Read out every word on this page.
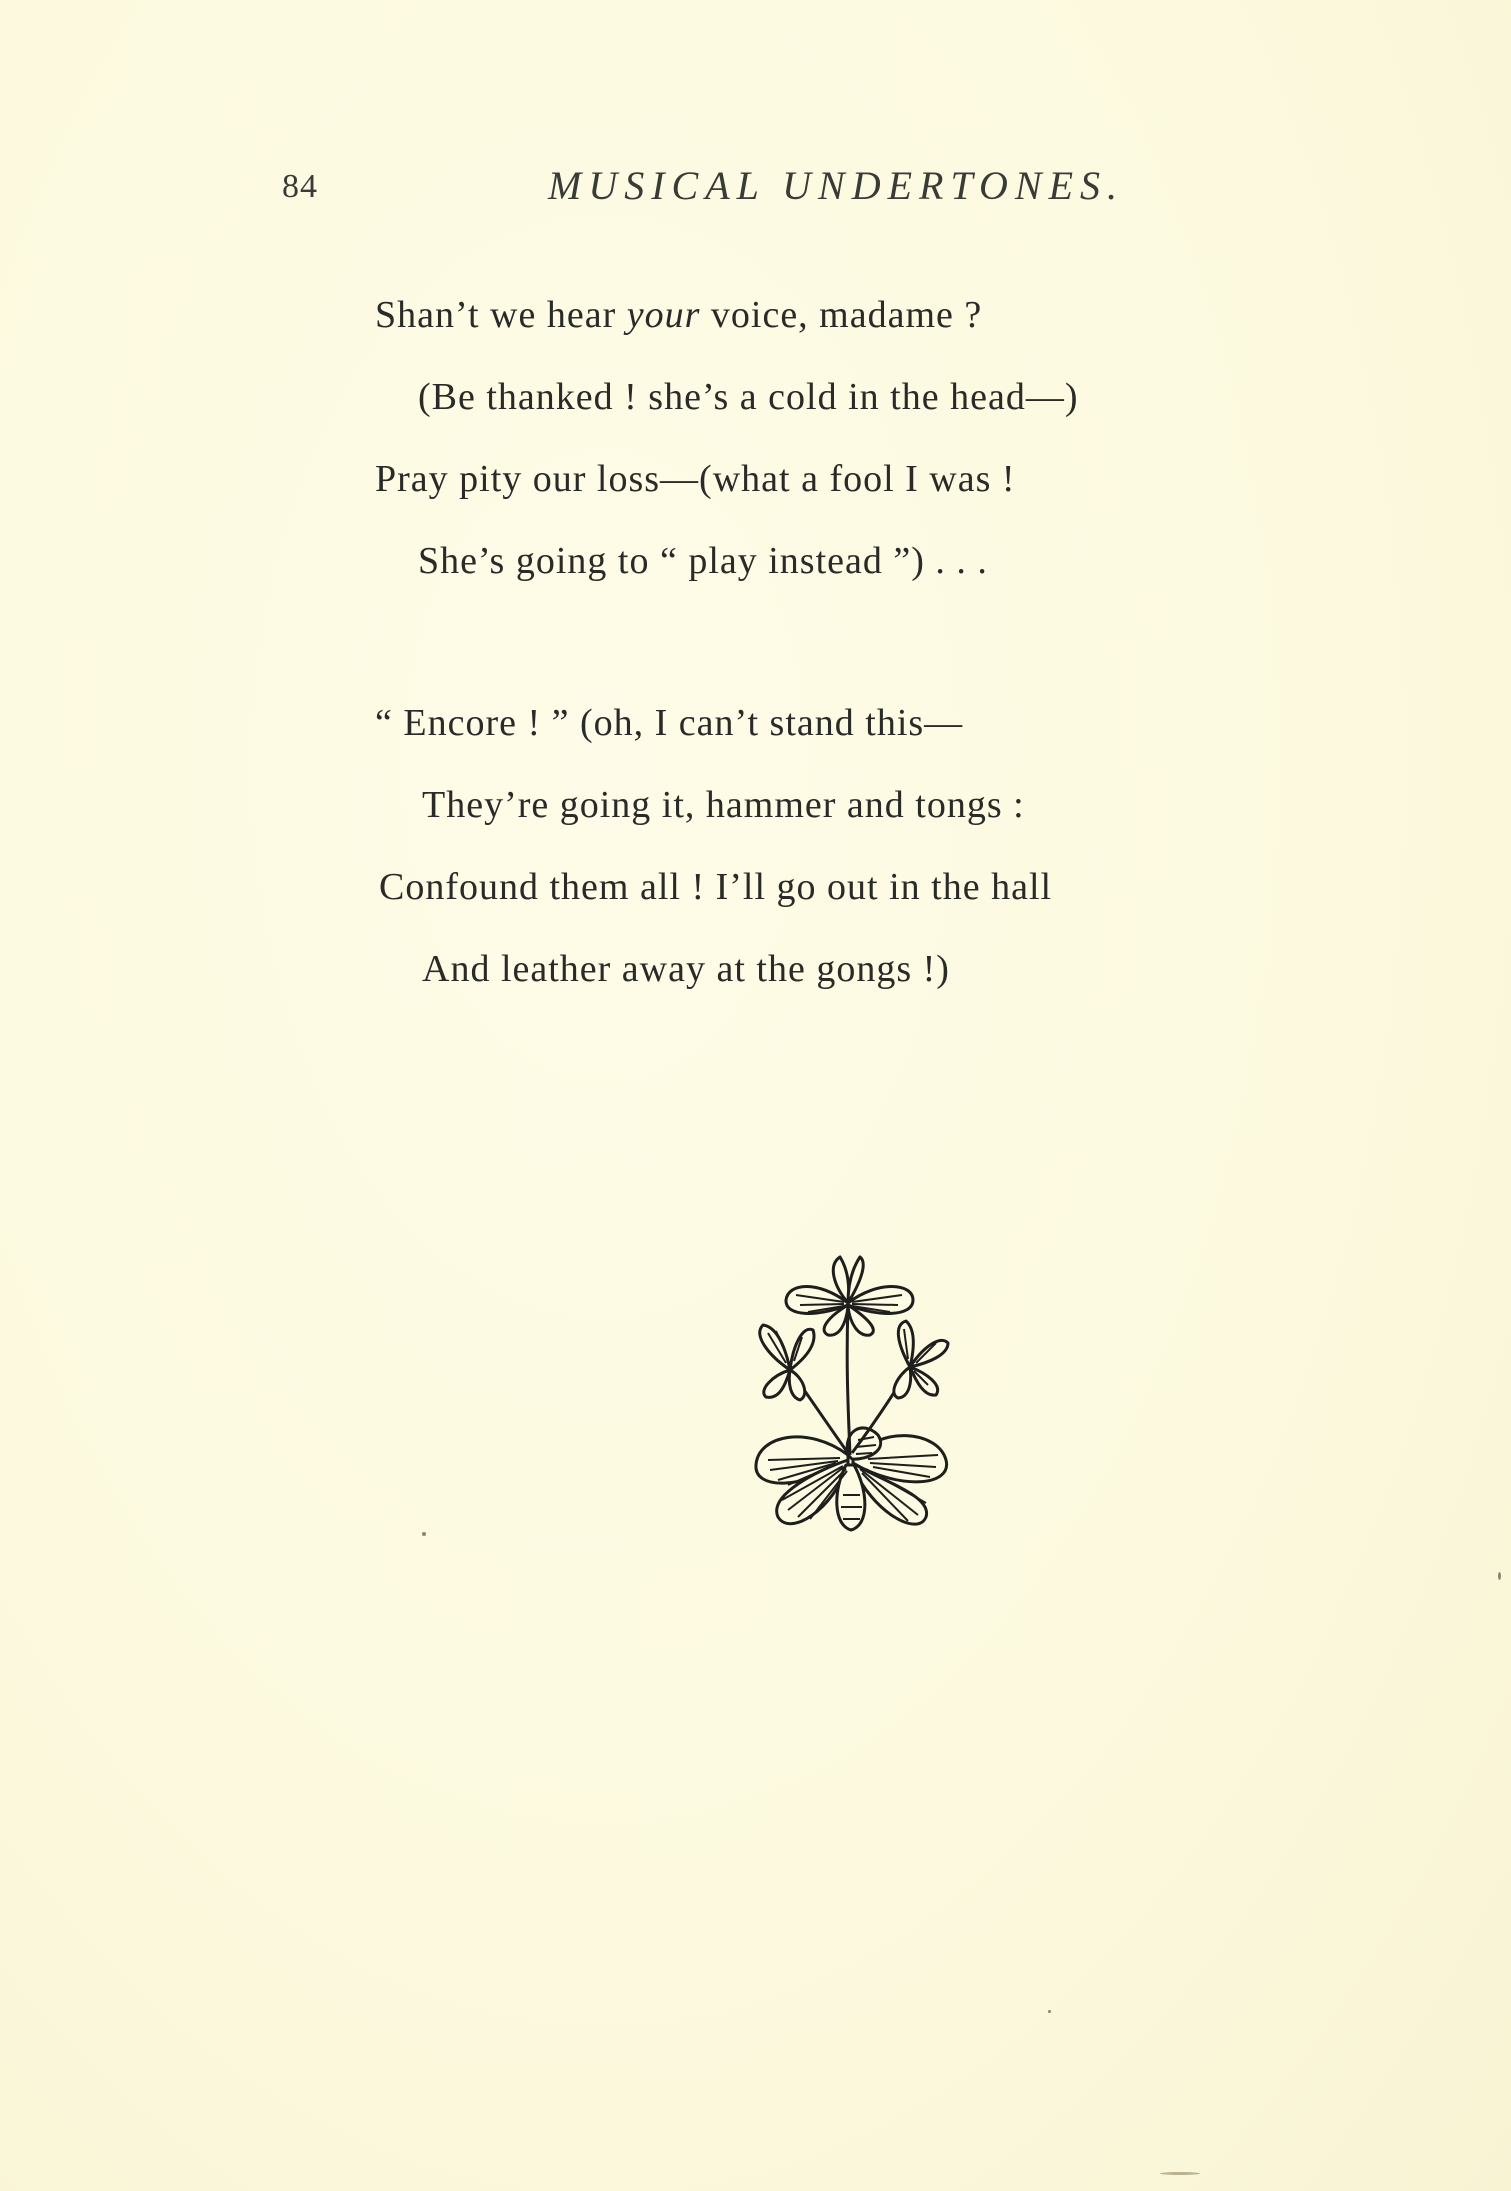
84	MUSICAL UNDERTONES.
Shan’t we hear your voice, madame ?
(Be thanked ! she’s a cold in the head—)
Pray pity our loss—(what a fool I was !
She’s going to “ play instead ”) . . .
“ Encore ! ” (oh, I can’t stand this—
They’re going it, hammer and tongs :
Confound them all ! I’ll go out in the hall
And leather away at the gongs !)
